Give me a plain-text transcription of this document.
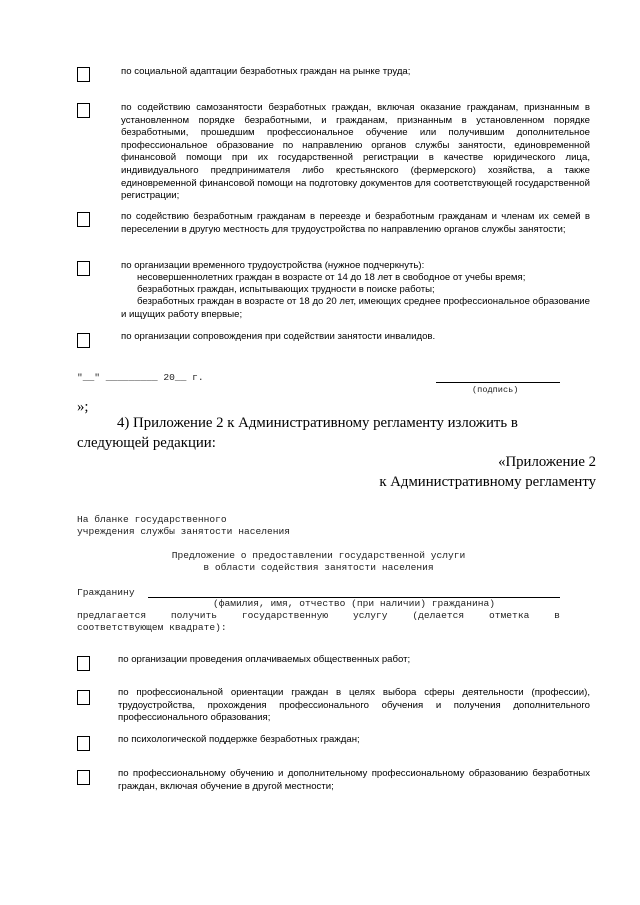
по социальной адаптации безработных граждан на рынке труда;
по содействию самозанятости безработных граждан, включая оказание гражданам, признанным в установленном порядке безработными, и гражданам, признанным в установленном порядке безработными, прошедшим профессиональное обучение или получившим дополнительное профессиональное образование по направлению органов службы занятости, единовременной финансовой помощи при их государственной регистрации в качестве юридического лица, индивидуального предпринимателя либо крестьянского (фермерского) хозяйства, а также единовременной финансовой помощи на подготовку документов для соответствующей государственной регистрации;
по содействию безработным гражданам в переезде и безработным гражданам и членам их семей в переселении в другую местность для трудоустройства по направлению органов службы занятости;
по организации временного трудоустройства (нужное подчеркнуть):
несовершеннолетних граждан в возрасте от 14 до 18 лет в свободное от учебы время;
безработных граждан, испытывающих трудности в поиске работы;
безработных граждан в возрасте от 18 до 20 лет, имеющих среднее профессиональное образование и ищущих работу впервые;
по организации сопровождения при содействии занятости инвалидов.
"__" _________ 20__ г.
(подпись)
»;
4) Приложение 2 к Административному регламенту изложить в
следующей редакции:
«Приложение 2
к Административному регламенту
На бланке государственного
учреждения службы занятости населения
Предложение о предоставлении государственной услуги
в области содействия занятости населения
Гражданину
(фамилия, имя, отчество (при наличии) гражданина)
предлагается	получить	государственную	услугу	(делается	отметка	в
соответствующем квадрате):
по организации проведения оплачиваемых общественных работ;
по профессиональной ориентации граждан в целях выбора сферы деятельности (профессии), трудоустройства, прохождения профессионального обучения и получения дополнительного профессионального образования;
по психологической поддержке безработных граждан;
по профессиональному обучению и дополнительному профессиональному образованию безработных граждан, включая обучение в другой местности;
